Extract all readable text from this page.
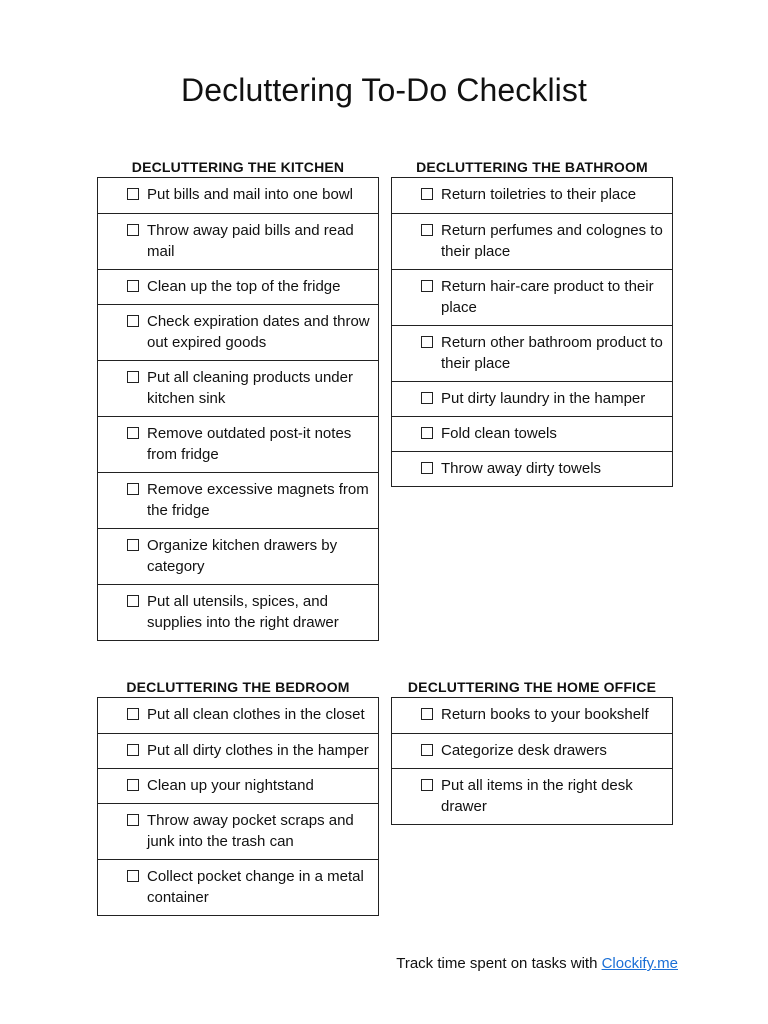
Decluttering To-Do Checklist
DECLUTTERING THE KITCHEN
Put bills and mail into one bowl
Throw away paid bills and read mail
Clean up the top of the fridge
Check expiration dates and throw out expired goods
Put all cleaning products under kitchen sink
Remove outdated post-it notes from fridge
Remove excessive magnets from the fridge
Organize kitchen drawers by category
Put all utensils, spices, and supplies into the right drawer
DECLUTTERING THE BATHROOM
Return toiletries to their place
Return perfumes and colognes to their place
Return hair-care product to their place
Return other bathroom product to their place
Put dirty laundry in the hamper
Fold clean towels
Throw away dirty towels
DECLUTTERING THE BEDROOM
Put all clean clothes in the closet
Put all dirty clothes in the hamper
Clean up your nightstand
Throw away pocket scraps and junk into the trash can
Collect pocket change in a metal container
DECLUTTERING THE HOME OFFICE
Return books to your bookshelf
Categorize desk drawers
Put all items in the right desk drawer
Track time spent on tasks with Clockify.me
